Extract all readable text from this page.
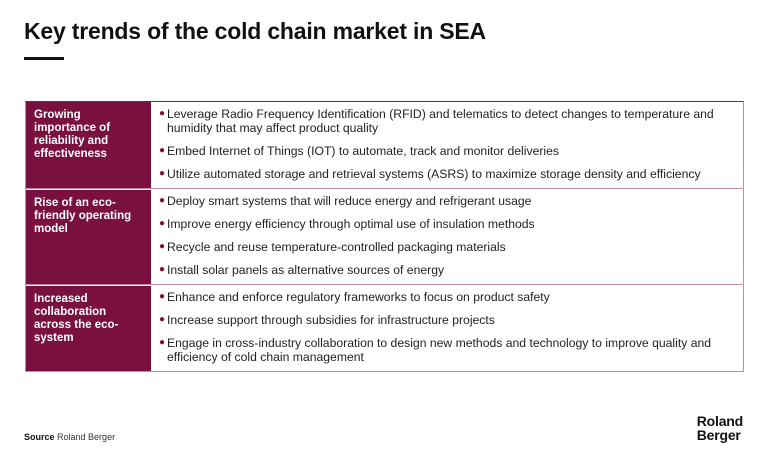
Key trends of the cold chain market in SEA
Growing importance of reliability and effectiveness
● Leverage Radio Frequency Identification (RFID) and telematics to detect changes to temperature and humidity that may affect product quality
● Embed Internet of Things (IOT) to automate, track and monitor deliveries
● Utilize automated storage and retrieval systems (ASRS) to maximize storage density and efficiency
Rise of an eco-friendly operating model
● Deploy smart systems that will reduce energy and refrigerant usage
● Improve energy efficiency through optimal use of insulation methods
● Recycle and reuse temperature-controlled packaging materials
● Install solar panels as alternative sources of energy
Increased collaboration across the eco-system
● Enhance and enforce regulatory frameworks to focus on product safety
● Increase support through subsidies for infrastructure projects
● Engage in cross-industry collaboration to design new methods and technology to improve quality and efficiency of cold chain management
Source Roland Berger
Roland
Berger
